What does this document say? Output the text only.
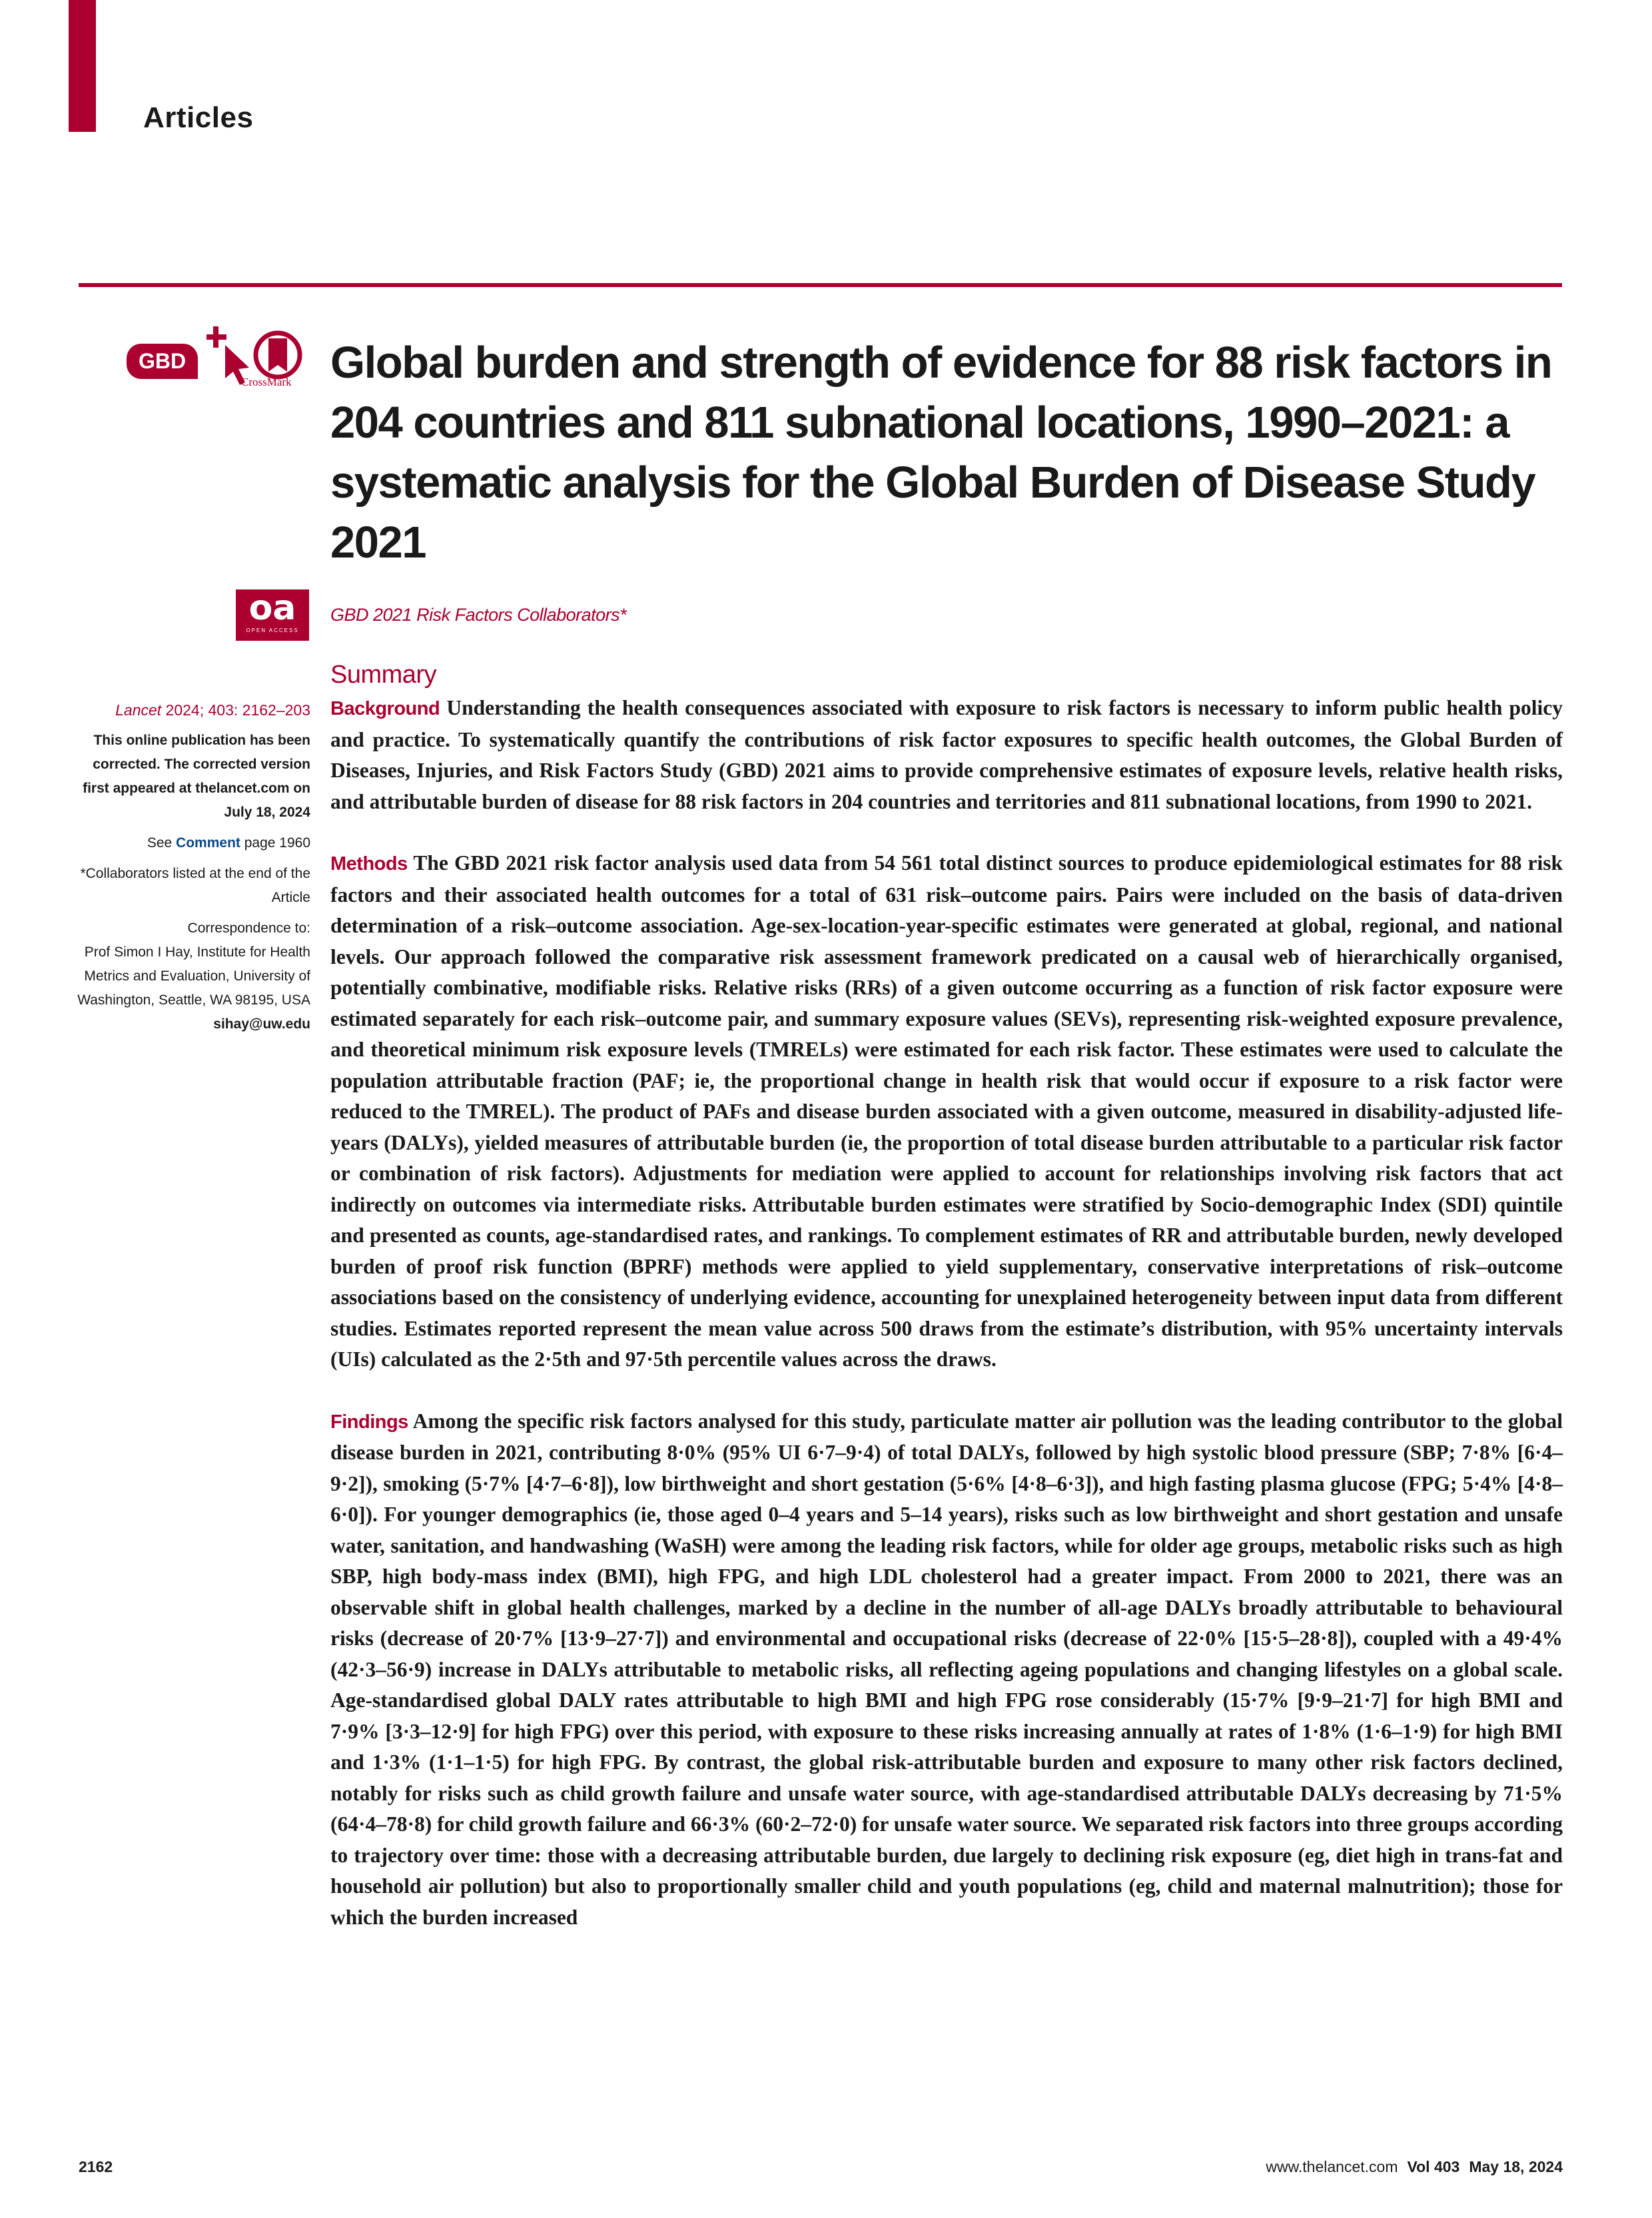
Articles
GBD
CrossMark Global burden and strength of evidence for 88 risk factors in 204 countries and 811 subnational locations, 1990–2021: a systematic analysis for the Global Burden of Disease Study 2021
oa
OPEN ACCESS
GBD 2021 Risk Factors Collaborators*
Lancet 2024; 403: 2162–203
This online publication has been corrected. The corrected version first appeared at thelancet.com on July 18, 2024
See Comment page 1960
*Collaborators listed at the end of the Article
Correspondence to:
Prof Simon I Hay, Institute for Health Metrics and Evaluation, University of Washington, Seattle, WA 98195, USA
sihay@uw.edu
Summary

Background Understanding the health consequences associated with exposure to risk factors is necessary to inform public health policy and practice. To systematically quantify the contributions of risk factor exposures to specific health outcomes, the Global Burden of Diseases, Injuries, and Risk Factors Study (GBD) 2021 aims to provide comprehensive estimates of exposure levels, relative health risks, and attributable burden of disease for 88 risk factors in 204 countries and territories and 811 subnational locations, from 1990 to 2021.

Methods The GBD 2021 risk factor analysis used data from 54 561 total distinct sources to produce epidemiological estimates for 88 risk factors and their associated health outcomes for a total of 631 risk–outcome pairs. Pairs were included on the basis of data-driven determination of a risk–outcome association. Age-sex-location-year-specific estimates were generated at global, regional, and national levels. Our approach followed the comparative risk assessment framework predicated on a causal web of hierarchically organised, potentially combinative, modifiable risks. Relative risks (RRs) of a given outcome occurring as a function of risk factor exposure were estimated separately for each risk–outcome pair, and summary exposure values (SEVs), representing risk-weighted exposure prevalence, and theoretical minimum risk exposure levels (TMRELs) were estimated for each risk factor. These estimates were used to calculate the population attributable fraction (PAF; ie, the proportional change in health risk that would occur if exposure to a risk factor were reduced to the TMREL). The product of PAFs and disease burden associated with a given outcome, measured in disability-adjusted life-years (DALYs), yielded measures of attributable burden (ie, the proportion of total disease burden attributable to a particular risk factor or combination of risk factors). Adjustments for mediation were applied to account for relationships involving risk factors that act indirectly on outcomes via intermediate risks. Attributable burden estimates were stratified by Socio-demographic Index (SDI) quintile and presented as counts, age-standardised rates, and rankings. To complement estimates of RR and attributable burden, newly developed burden of proof risk function (BPRF) methods were applied to yield supplementary, conservative interpretations of risk–outcome associations based on the consistency of underlying evidence, accounting for unexplained heterogeneity between input data from different studies. Estimates reported represent the mean value across 500 draws from the estimate’s distribution, with 95% uncertainty intervals (UIs) calculated as the 2·5th and 97·5th percentile values across the draws.

Findings Among the specific risk factors analysed for this study, particulate matter air pollution was the leading contributor to the global disease burden in 2021, contributing 8·0% (95% UI 6·7–9·4) of total DALYs, followed by high systolic blood pressure (SBP; 7·8% [6·4–9·2]), smoking (5·7% [4·7–6·8]), low birthweight and short gestation (5·6% [4·8–6·3]), and high fasting plasma glucose (FPG; 5·4% [4·8–6·0]). For younger demographics (ie, those aged 0–4 years and 5–14 years), risks such as low birthweight and short gestation and unsafe water, sanitation, and handwashing (WaSH) were among the leading risk factors, while for older age groups, metabolic risks such as high SBP, high body-mass index (BMI), high FPG, and high LDL cholesterol had a greater impact. From 2000 to 2021, there was an observable shift in global health challenges, marked by a decline in the number of all-age DALYs broadly attributable to behavioural risks (decrease of 20·7% [13·9–27·7]) and environmental and occupational risks (decrease of 22·0% [15·5–28·8]), coupled with a 49·4% (42·3–56·9) increase in DALYs attributable to metabolic risks, all reflecting ageing populations and changing lifestyles on a global scale. Age-standardised global DALY rates attributable to high BMI and high FPG rose considerably (15·7% [9·9–21·7] for high BMI and 7·9% [3·3–12·9] for high FPG) over this period, with exposure to these risks increasing annually at rates of 1·8% (1·6–1·9) for high BMI and 1·3% (1·1–1·5) for high FPG. By contrast, the global risk-attributable burden and exposure to many other risk factors declined, notably for risks such as child growth failure and unsafe water source, with age-standardised attributable DALYs decreasing by 71·5% (64·4–78·8) for child growth failure and 66·3% (60·2–72·0) for unsafe water source. We separated risk factors into three groups according to trajectory over time: those with a decreasing attributable burden, due largely to declining risk exposure (eg, diet high in trans-fat and household air pollution) but also to proportionally smaller child and youth populations (eg, child and maternal malnutrition); those for which the burden increased

2162	www.thelancet.com Vol 403 May 18, 2024
